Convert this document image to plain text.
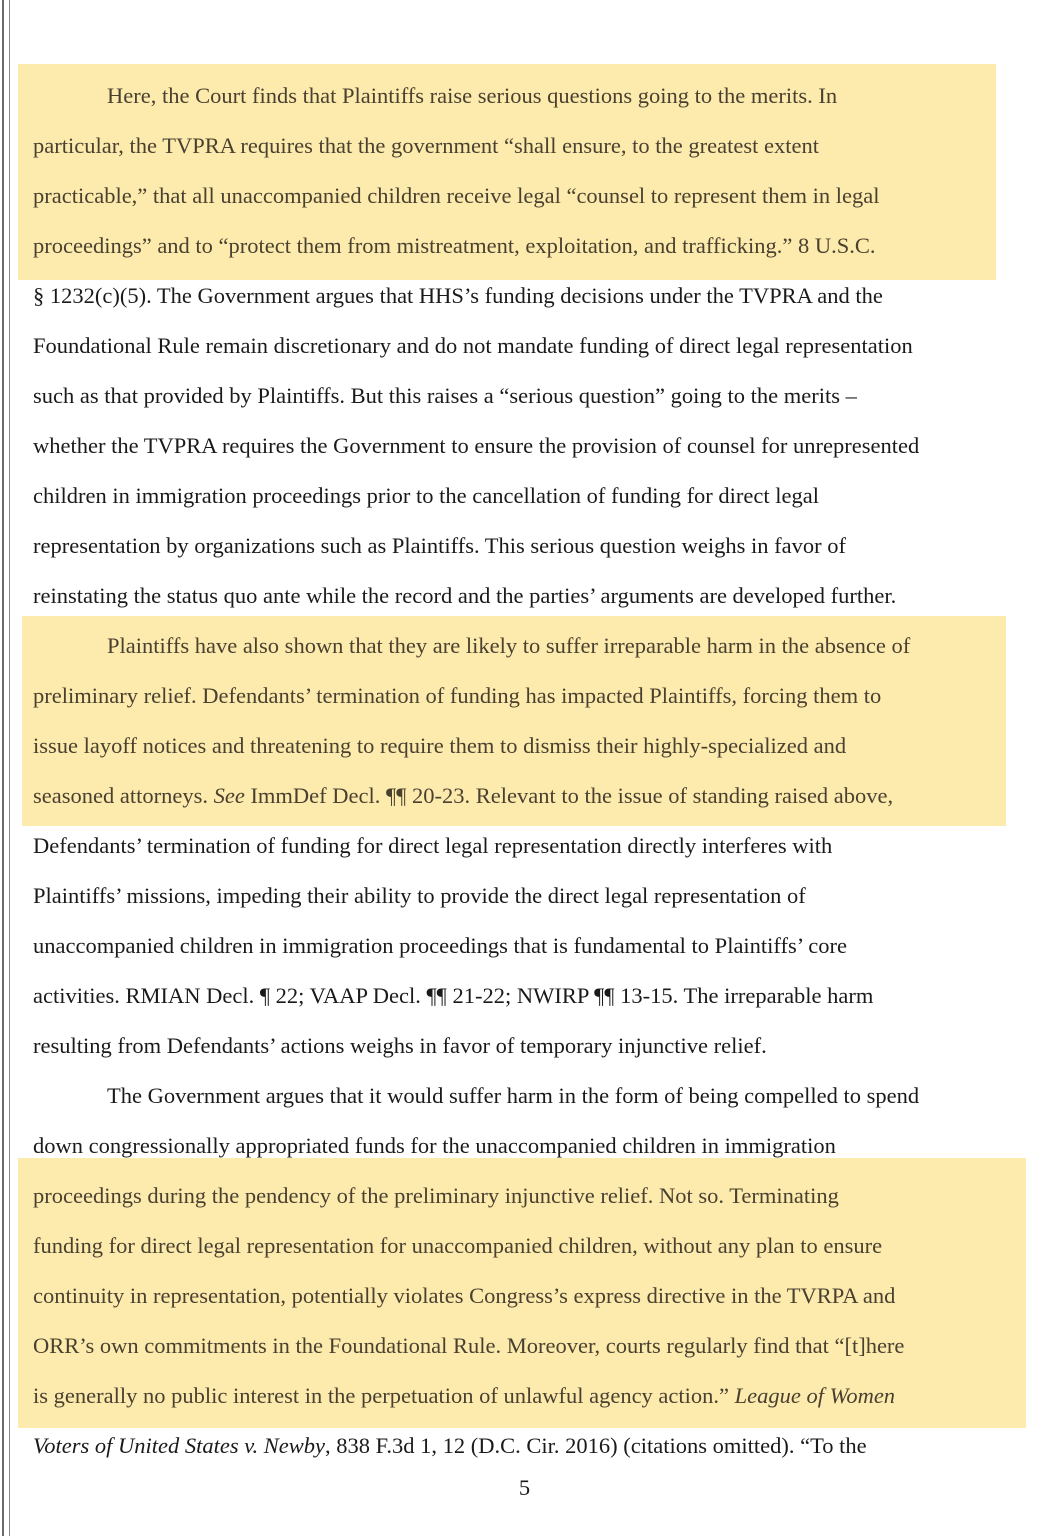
Here, the Court finds that Plaintiffs raise serious questions going to the merits. In
particular, the TVPRA requires that the government “shall ensure, to the greatest extent
practicable,” that all unaccompanied children receive legal “counsel to represent them in legal
proceedings” and to “protect them from mistreatment, exploitation, and trafficking.” 8 U.S.C.
§ 1232(c)(5). The Government argues that HHS’s funding decisions under the TVPRA and the
Foundational Rule remain discretionary and do not mandate funding of direct legal representation
such as that provided by Plaintiffs. But this raises a “serious question” going to the merits –
whether the TVPRA requires the Government to ensure the provision of counsel for unrepresented
children in immigration proceedings prior to the cancellation of funding for direct legal
representation by organizations such as Plaintiffs. This serious question weighs in favor of
reinstating the status quo ante while the record and the parties’ arguments are developed further.
Plaintiffs have also shown that they are likely to suffer irreparable harm in the absence of
preliminary relief. Defendants’ termination of funding has impacted Plaintiffs, forcing them to
issue layoff notices and threatening to require them to dismiss their highly-specialized and
seasoned attorneys. See ImmDef Decl. ¶¶ 20-23. Relevant to the issue of standing raised above,
Defendants’ termination of funding for direct legal representation directly interferes with
Plaintiffs’ missions, impeding their ability to provide the direct legal representation of
unaccompanied children in immigration proceedings that is fundamental to Plaintiffs’ core
activities. RMIAN Decl. ¶ 22; VAAP Decl. ¶¶ 21-22; NWIRP ¶¶ 13-15. The irreparable harm
resulting from Defendants’ actions weighs in favor of temporary injunctive relief.
The Government argues that it would suffer harm in the form of being compelled to spend
down congressionally appropriated funds for the unaccompanied children in immigration
proceedings during the pendency of the preliminary injunctive relief. Not so. Terminating
funding for direct legal representation for unaccompanied children, without any plan to ensure
continuity in representation, potentially violates Congress’s express directive in the TVRPA and
ORR’s own commitments in the Foundational Rule. Moreover, courts regularly find that “[t]here
is generally no public interest in the perpetuation of unlawful agency action.” League of Women
Voters of United States v. Newby, 838 F.3d 1, 12 (D.C. Cir. 2016) (citations omitted). “To the
5
